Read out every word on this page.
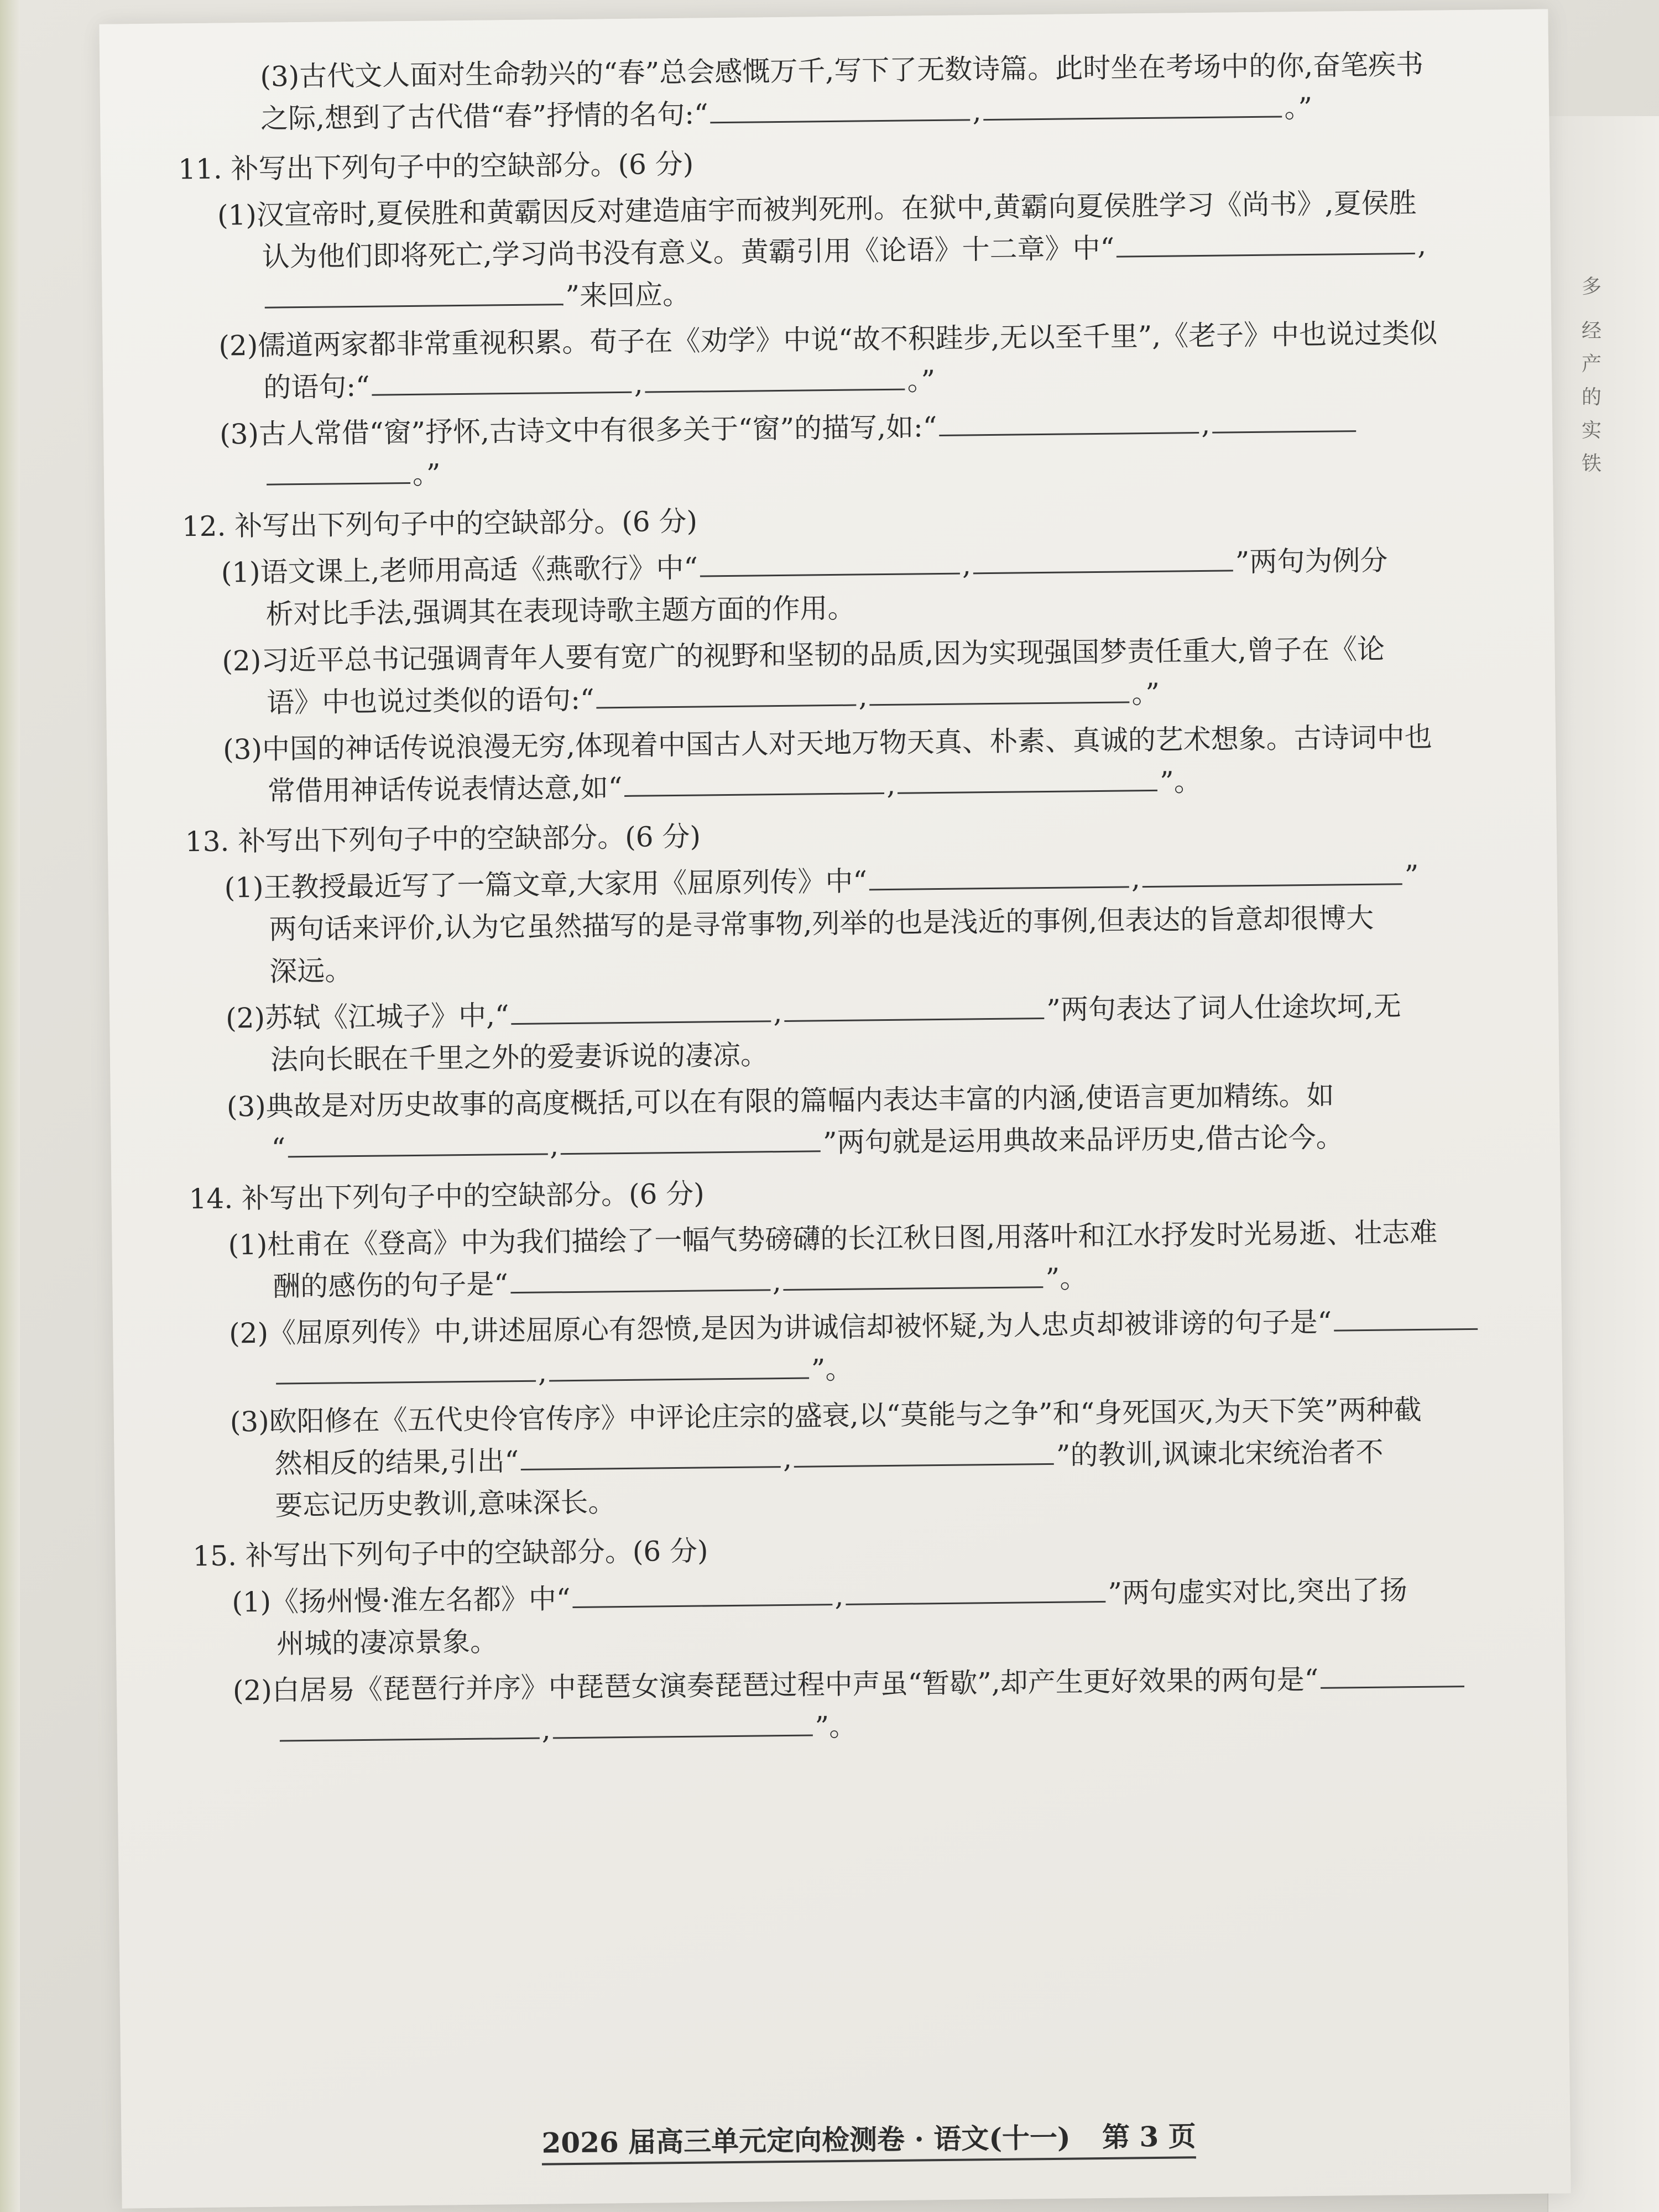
多
经
产
的
实
铁

(3)古代文人面对生命勃兴的“春”总会感慨万千,写下了无数诗篇。此时坐在考场中的你,奋笔疾书

之际,想到了古代借“春”抒情的名句:“	,	。”

11. 补写出下列句子中的空缺部分。(6 分)

(1)汉宣帝时,夏侯胜和黄霸因反对建造庙宇而被判死刑。在狱中,黄霸向夏侯胜学习《尚书》,夏侯胜

认为他们即将死亡,学习尚书没有意义。黄霸引用《论语》十二章》中“	,

”来回应。

(2)儒道两家都非常重视积累。荀子在《劝学》中说“故不积跬步,无以至千里”,《老子》中也说过类似

的语句:“	,	。”

(3)古人常借“窗”抒怀,古诗文中有很多关于“窗”的描写,如:“	,

。”

12. 补写出下列句子中的空缺部分。(6 分)

(1)语文课上,老师用高适《燕歌行》中“	,	”两句为例分

析对比手法,强调其在表现诗歌主题方面的作用。

(2)习近平总书记强调青年人要有宽广的视野和坚韧的品质,因为实现强国梦责任重大,曾子在《论

语》中也说过类似的语句:“	,	。”

(3)中国的神话传说浪漫无穷,体现着中国古人对天地万物天真、朴素、真诚的艺术想象。古诗词中也

常借用神话传说表情达意,如“	,	”。

13. 补写出下列句子中的空缺部分。(6 分)

(1)王教授最近写了一篇文章,大家用《屈原列传》中“	,	”

两句话来评价,认为它虽然描写的是寻常事物,列举的也是浅近的事例,但表达的旨意却很博大

深远。

(2)苏轼《江城子》中,“	,	”两句表达了词人仕途坎坷,无

法向长眠在千里之外的爱妻诉说的凄凉。

(3)典故是对历史故事的高度概括,可以在有限的篇幅内表达丰富的内涵,使语言更加精练。如

“	,	”两句就是运用典故来品评历史,借古论今。

14. 补写出下列句子中的空缺部分。(6 分)

(1)杜甫在《登高》中为我们描绘了一幅气势磅礴的长江秋日图,用落叶和江水抒发时光易逝、壮志难

酬的感伤的句子是“	,	”。

(2)《屈原列传》中,讲述屈原心有怨愤,是因为讲诚信却被怀疑,为人忠贞却被诽谤的句子是“

,	”。

(3)欧阳修在《五代史伶官传序》中评论庄宗的盛衰,以“莫能与之争”和“身死国灭,为天下笑”两种截

然相反的结果,引出“	,	”的教训,讽谏北宋统治者不

要忘记历史教训,意味深长。

15. 补写出下列句子中的空缺部分。(6 分)

(1)《扬州慢·淮左名都》中“	,	”两句虚实对比,突出了扬

州城的凄凉景象。

(2)白居易《琵琶行并序》中琵琶女演奏琵琶过程中声虽“暂歇”,却产生更好效果的两句是“

,	”。

2026 届高三单元定向检测卷 · 语文(十一) 第 3 页
